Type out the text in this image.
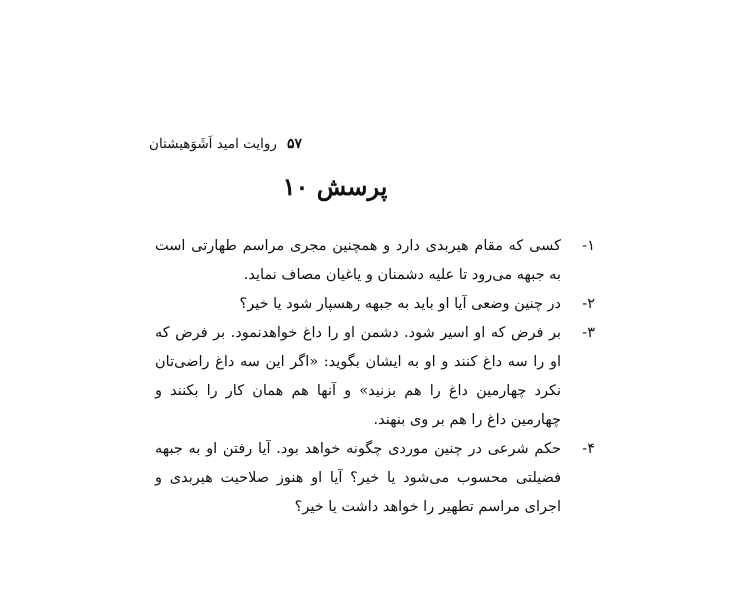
۵۷
روایت امید اَشَوَهیشتان
پرسش ۱۰
۱-
کسی که مقام هیربدی دارد و همچنین مجری مراسم طهارتی است به جبهه می‌رود تا علیه دشمنان و یاغیان مصاف نماید.
۲-
در چنین وضعی آیا او باید به جبهه رهسپار شود یا خیر؟
۳-
بر فرض که او اسیر شود. دشمن او را داغ خواهدنمود. بر فرض که او را سه داغ کنند و او به ایشان بگوید: «اگر این سه داغ راضی‌تان نکرد چهارمین داغ را هم بزنید» و آنها هم همان کار را بکنند و چهارمین داغ را هم بر وی بنهند.
۴-
حکم شرعی در چنین موردی چگونه خواهد بود. آیا رفتن او به جبهه فضیلتی محسوب می‌شود یا خیر؟ آیا او هنوز صلاحیت هیربدی و اجرای مراسم تطهیر را خواهد داشت یا خیر؟
